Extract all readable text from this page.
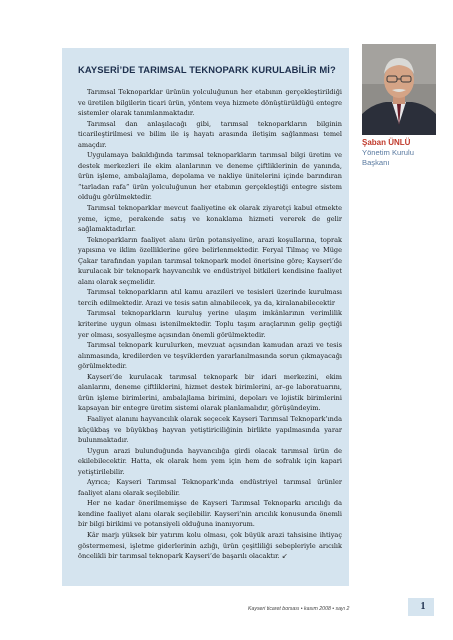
KAYSERİ’DE TARIMSAL TEKNOPARK KURULABİLİR Mİ?

Tarımsal Teknoparklar ürünün yolculuğunun her etabının gerçekleştirildiği ve üretilen bilgilerin ticari ürün, yöntem veya hizmete dönüştürüldüğü entegre sistemler olarak tanımlanmaktadır.

Tarımsal dan anlaşılacağı gibi, tarımsal teknoparkların bilginin ticarileştirilmesi ve bilim ile iş hayatı arasında iletişim sağlanması temel amaçdır.

Uygulamaya bakıldığında tarımsal teknoparkların tarımsal bilgi üretim ve destek merkezleri ile ekim alanlarının ve deneme çiftliklerinin de yanında, ürün işleme, ambalajlama, depolama ve nakliye ünitelerini içinde barındıran “tarladan rafa” ürün yolculuğunun her etabının gerçekleştiği entegre sistem olduğu görülmektedir.

Tarımsal teknoparklar mevcut faaliyetine ek olarak ziyaretçi kabul etmekte yeme, içme, perakende satış ve konaklama hizmeti vererek de gelir sağlamaktadırlar.

Teknoparkların faaliyet alanı ürün potansiyeline, arazi koşullarına, toprak yapısına ve iklim özelliklerine göre belirlenmektedir. Feryal Tilmaç ve Müge Çakar tarafından yapılan tarımsal teknopark model önerisine göre; Kayseri’de kurulacak bir teknopark hayvancılık ve endüstriyel bitkileri kendisine faaliyet alanı olarak seçmelidir.

Tarımsal teknoparkların atıl kamu arazileri ve tesisleri üzerinde kurulması tercih edilmektedir. Arazi ve tesis satın alınabilecek, ya da, kiralanabilecektir

Tarımsal teknoparkların kuruluş yerine ulaşım imkânlarının verimlilik kriterine uygun olması istenilmektedir. Toplu taşım araçlarının gelip geçtiği yer olması, sosyalleşme açısından önemli görülmektedir.

Tarımsal teknopark kurulurken, mevzuat açısından kamudan arazi ve tesis alınmasında, kredilerden ve teşviklerden yararlanılmasında sorun çıkmayacağı görülmektedir.

Kayseri’de kurulacak tarımsal teknopark bir idari merkezini, ekim alanlarını, deneme çiftliklerini, hizmet destek birimlerini, ar–ge laboratuarını, ürün işleme birimlerini, ambalajlama birimini, depoları ve lojistik birimlerini kapsayan bir entegre üretim sistemi olarak planlamalıdır, görüşündeyim.

Faaliyet alanını hayvancılık olarak seçecek Kayseri Tarımsal Teknopark’ında küçükbaş ve büyükbaş hayvan yetiştiriciliğinin birlikte yapılmasında yarar bulunmaktadır.

Uygun arazi bulunduğunda hayvancılığa girdi olacak tarımsal ürün de ekilebilecektir. Hatta, ek olarak hem yem için hem de sofralık için kapari yetiştirilebilir.

Ayrıca; Kayseri Tarımsal Teknopark’ında endüstriyel tarımsal ürünler faaliyet alanı olarak seçilebilir.

Her ne kadar önerilmemişse de Kayseri Tarımsal Teknoparkı arıcılığı da kendine faaliyet alanı olarak seçilebilir. Kayseri’nin arıcılık konusunda önemli bir bilgi birikimi ve potansiyeli olduğuna inanıyorum.

Kâr marjı yüksek bir yatırım kolu olması, çok büyük arazi tahsisine ihtiyaç göstermemesi, işletme giderlerinin azlığı, ürün çeşitliliği sebepleriyle arıcılık öncelikli bir tarımsal teknopark Kayseri’de başarılı olacaktır. ↙

Şaban ÜNLÜ
Yönetim Kurulu Başkanı
Kayseri ticaret borsası • kasım 2008 • sayı 2	1
